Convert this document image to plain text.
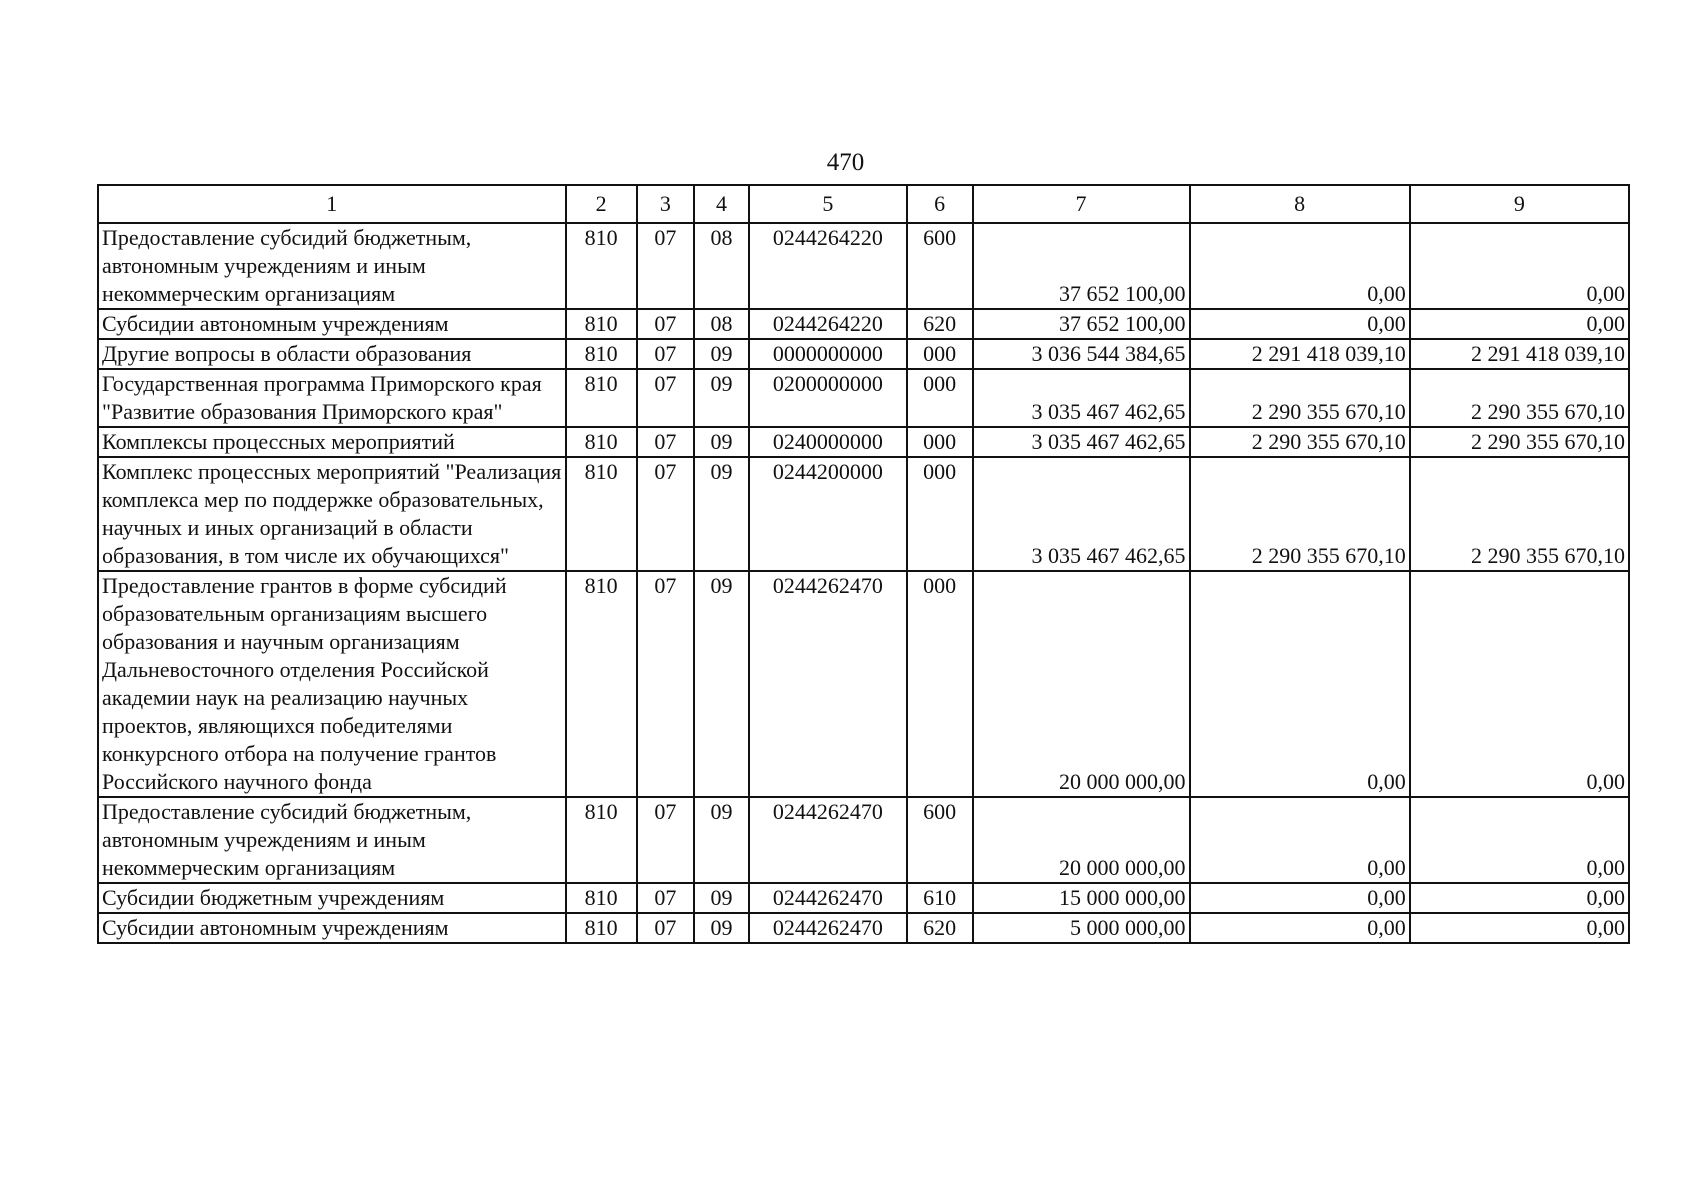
470
1	2	3	4	5	6	7	8	9
Предоставление субсидий бюджетным, автономным учреждениям и иным некоммерческим организациям	810	07	08	0244264220	600	37 652 100,00	0,00	0,00
Субсидии автономным учреждениям	810	07	08	0244264220	620	37 652 100,00	0,00	0,00
Другие вопросы в области образования	810	07	09	0000000000	000	3 036 544 384,65	2 291 418 039,10	2 291 418 039,10
Государственная программа Приморского края "Развитие образования Приморского края"	810	07	09	0200000000	000	3 035 467 462,65	2 290 355 670,10	2 290 355 670,10
Комплексы процессных мероприятий	810	07	09	0240000000	000	3 035 467 462,65	2 290 355 670,10	2 290 355 670,10
Комплекс процессных мероприятий "Реализация комплекса мер по поддержке образовательных, научных и иных организаций в области образования, в том числе их обучающихся"	810	07	09	0244200000	000	3 035 467 462,65	2 290 355 670,10	2 290 355 670,10
Предоставление грантов в форме субсидий образовательным организациям высшего образования и научным организациям Дальневосточного отделения Российской академии наук на реализацию научных проектов, являющихся победителями конкурсного отбора на получение грантов Российского научного фонда	810	07	09	0244262470	000	20 000 000,00	0,00	0,00
Предоставление субсидий бюджетным, автономным учреждениям и иным некоммерческим организациям	810	07	09	0244262470	600	20 000 000,00	0,00	0,00
Субсидии бюджетным учреждениям	810	07	09	0244262470	610	15 000 000,00	0,00	0,00
Субсидии автономным учреждениям	810	07	09	0244262470	620	5 000 000,00	0,00	0,00
